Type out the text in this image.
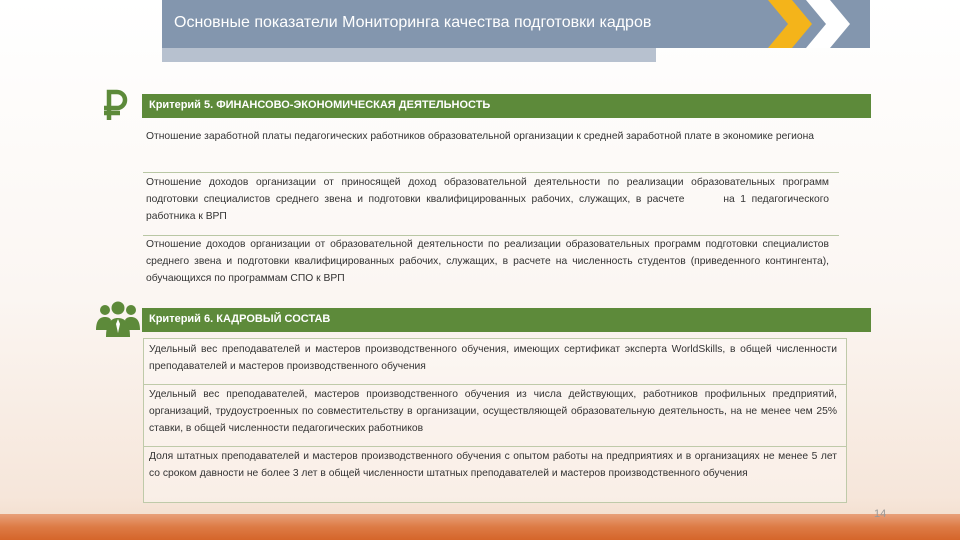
Основные показатели Мониторинга качества подготовки кадров
Критерий 5. ФИНАНСОВО-ЭКОНОМИЧЕСКАЯ ДЕЯТЕЛЬНОСТЬ
Отношение заработной платы педагогических работников образовательной организации к средней заработной плате в экономике региона
Отношение доходов организации от приносящей доход образовательной деятельности по реализации образовательных программ подготовки специалистов среднего звена и подготовки квалифицированных рабочих, служащих, в расчете       на 1 педагогического работника к ВРП
Отношение доходов организации от образовательной деятельности по реализации образовательных программ подготовки специалистов среднего звена и подготовки квалифицированных рабочих, служащих, в расчете на численность студентов (приведенного контингента), обучающихся по программам СПО к ВРП
Критерий 6. КАДРОВЫЙ СОСТАВ
Удельный вес преподавателей и мастеров производственного обучения, имеющих сертификат эксперта WorldSkills, в общей численности преподавателей и мастеров производственного обучения
Удельный вес преподавателей, мастеров производственного обучения из числа действующих, работников профильных предприятий, организаций, трудоустроенных по совместительству в организации, осуществляющей образовательную деятельность, на не менее чем 25% ставки, в общей численности педагогических работников
Доля штатных преподавателей и мастеров производственного обучения с опытом работы на предприятиях и в организациях не менее 5 лет со сроком давности не более 3 лет в общей численности штатных преподавателей и мастеров производственного обучения
14
